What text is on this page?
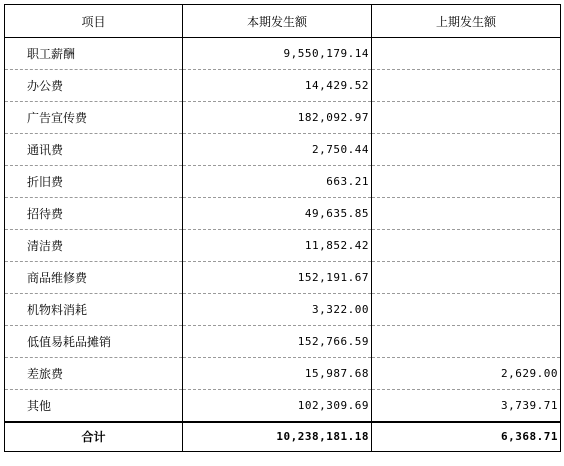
项目	本期发生额	上期发生额
职工薪酬	9,550,179.14	
办公费	14,429.52	
广告宣传费	182,092.97	
通讯费	2,750.44	
折旧费	663.21	
招待费	49,635.85	
清洁费	11,852.42	
商品维修费	152,191.67	
机物料消耗	3,322.00	
低值易耗品摊销	152,766.59	
差旅费	15,987.68	2,629.00
其他	102,309.69	3,739.71
合计	10,238,181.18	6,368.71
